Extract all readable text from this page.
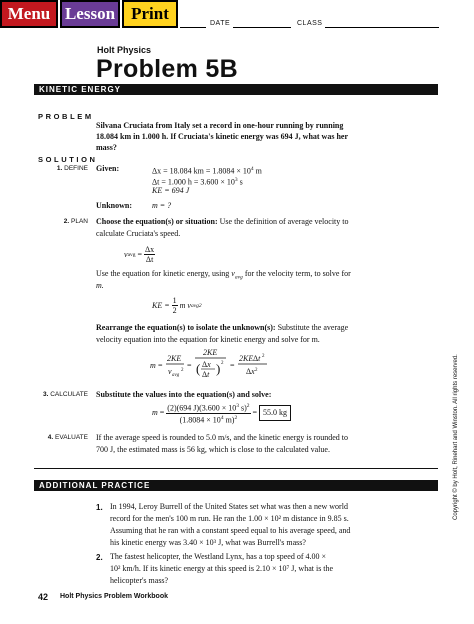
Menu Lesson Print
DATE	CLASS
Holt Physics
Problem 5B
KINETIC ENERGY
PROBLEM
Silvana Cruciata from Italy set a record in one-hour running by running
18.084 km in 1.000 h. If Cruciata's kinetic energy was 694 J, what was her
mass?
SOLUTION
1. DEFINE Given:	Δx = 18.084 km = $1.8084 \times 10^4$ m
Δt = 1.000 $h = 3.600 \times 10^3$ s
KE = 694 J
Unknown: m = ?
2. PLAN Choose the equation(s) or situation: Use the definition of average velocity to
calculate Cruciata's speed.
v avg = $\frac{\Delta x}{\Delta t}$
Use the equation for kinetic energy, using $v_{avg}$ for the velocity term, to solve for
m.
KE =
$\frac{1}{2}$
m v avg 2
Rearrange the equation(s) to isolate the unknown(s): Substitute the average
velocity equation into the equation for kinetic energy and solve for m.
m =
2KE
v avg
2
=
2KE
( Δx
Δt ) 2 =
2KE Δt 2
Δx 2
3. CALCULATE Substitute the values into the equation(s) and solve:
$m = \frac{(2)(694 J)(3.600 \times 10^3 s)^2}{(1.8084 \times 10^4 m)^2} = 55.0$ kg
4. EVALUATE If the average speed is rounded to 5.0 m/s, and the kinetic energy is rounded to
700 J, the estimated mass is 56 kg, which is close to the calculated value.
ADDITIONAL PRACTICE
1. In 1994, Leroy Burrell of the United States set what was then a new world
record for the men's 100 m run. He ran the 1.00 × 10² m distance in 9.85 s.
Assuming that he ran with a constant speed equal to his average speed, and
his kinetic energy was 3.40 × 10³ J, what was Burrell's mass?
2. The fastest helicopter, the Westland Lynx, has a top speed of 4.00 ×
10² km/h. If its kinetic energy at this speed is 2.10 × 10⁷ J, what is the
helicopter's mass?
42 Holt Physics Problem Workbook
Copyright © by Holt, Rinehart and Winston. All rights reserved.
